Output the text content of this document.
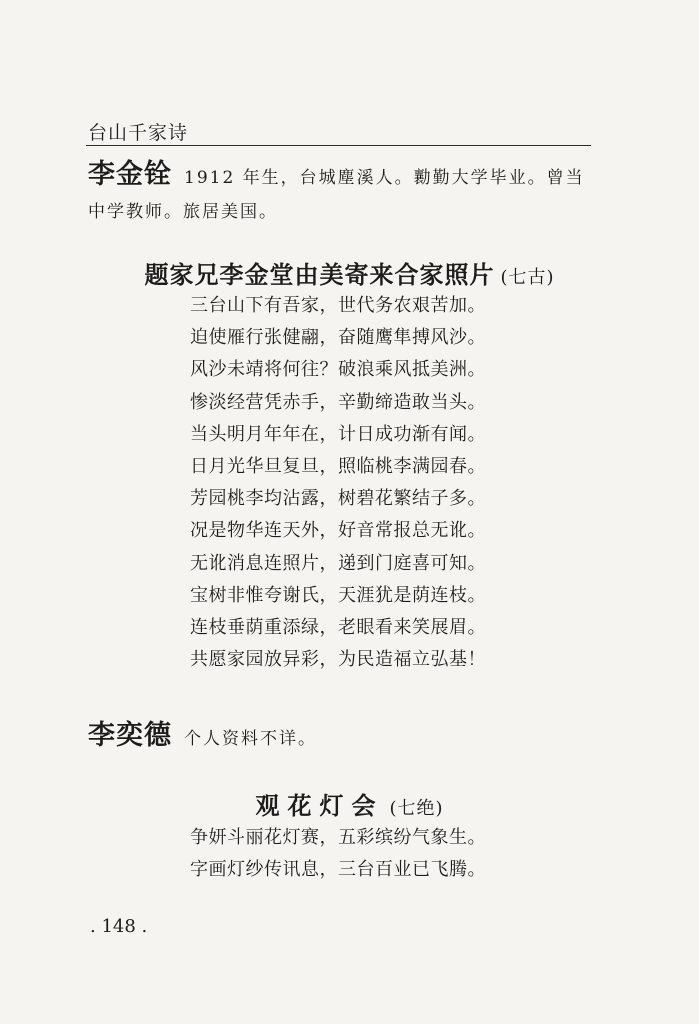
台山千家诗
李金铨 1912 年生，台城塵溪人。勷勤大学毕业。曾当中学教师。旅居美国。
题家兄李金堂由美寄来合家照片 (七古)
三台山下有吾家，世代务农艰苦加。
迫使雁行张健翮，奋随鹰隼搏风沙。
风沙未靖将何往？破浪乘风抵美洲。
惨淡经营凭赤手，辛勤缔造敢当头。
当头明月年年在，计日成功渐有闻。
日月光华旦复旦，照临桃李满园春。
芳园桃李均沾露，树碧花繁结子多。
况是物华连天外，好音常报总无讹。
无讹消息连照片，递到门庭喜可知。
宝树非惟夸谢氏，天涯犹是荫连枝。
连枝垂荫重添绿，老眼看来笑展眉。
共愿家园放异彩，为民造福立弘基！
李奕德 个人资料不详。
观花灯会 (七绝)
争妍斗丽花灯赛，五彩缤纷气象生。
字画灯纱传讯息，三台百业已飞腾。
. 148 .
